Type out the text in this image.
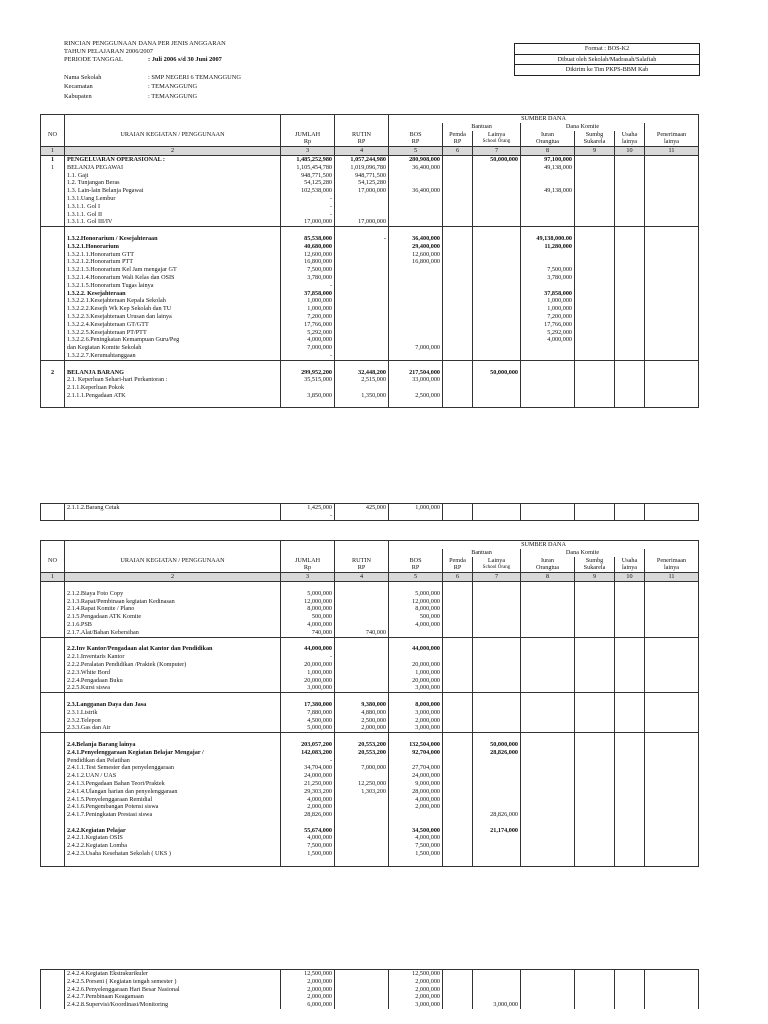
RINCIAN PENGGUNAAN DANA PER JENIS ANGGARAN
TAHUN PELAJARAN 2006/2007
PERIODE TANGGAL	: Juli 2006 s/d 30 Juni 2007
Nama Sekolah	: SMP NEGERI 6 TEMANGGUNG
Kecamatan	: TEMANGGUNG
Kabupaten	: TEMANGGUNG
Format : BOS-K2
Dibuat oleh Sekolah/Madrasah/Salafiah
Dikirim ke Tim PKPS-BBM Kab
				SUMBER DANA						
					Bantuan		Dana Komite			
NO	URAIAN KEGIATAN / PENGGUNAAN	JUMLAH	RUTIN	BOS	Pemda	Lainya	Iuran	Sumbg	Usaha	Penerimaan
		Rp	RP	RP	RP	School Orang	Orangtua	Sukarela	lainya	lainya
1	2	3	4	5	6	7	8	9	10	11
1	PENGELUARAN OPERASIONAL :	1,485,252,980	1,057,244,980	280,908,000		50,000,000	97,100,000			
1	BELANJA PEGAWAI	1,105,454,780	1,019,096,780	36,400,000			49,138,000			
	1.1. Gaji	948,771,500	948,771,500							
	1.2. Tunjangan Beras	54,125,280	54,125,280							
	1.3. Lain-lain Belanja Pegawai	102,538,000	17,000,000	36,400,000			49,138,000			
	1.3.1.Uang Lembur	-								
	1.3.1.1. Gol I	-								
	1.3.1.1. Gol II	-								
	1.3.1.1. Gol III/IV	17,000,000	17,000,000							

	1.3.2.Honorarium / Kesejahteraan	85,538,000	-	36,400,000			49,138,000.00			
	1.3.2.1.Honorarium	40,680,000		29,400,000			11,280,000			
	1.3.2.1.1.Honorarium GTT	12,600,000		12,600,000						
	1.3.2.1.2.Honorarium PTT	16,800,000		16,800,000						
	1.3.2.1.3.Honorarium Kel Jam mengajar GT	7,500,000					7,500,000			
	1.3.2.1.4.Honorarium Wali Kelas dan OSIS	3,780,000					3,780,000			
	1.3.2.1.5.Honorarium Tugas lainya	-								
	1.3.2.2. Kesejahteraan	37,858,000					37,858,000			
	1.3.2.2.1.Kesejahteraan Kepala Sekolah	1,000,000					1,000,000			
	1.3.2.2.2.Kesejh Wk Kep Sekolah dan TU	1,000,000					1,000,000			
	1.3.2.2.3.Kesejahteraan Urusan dan lainya	7,200,000					7,200,000			
	1.3.2.2.4.Kesejahteraan GT/GTT	17,766,000					17,766,000			
	1.3.2.2.5.Kesejahteraan PT/PTT	5,292,000					5,292,000			
	1.3.2.2.6.Peningkatan Kemampuan Guru/Peg	4,000,000					4,000,000			
	dan Kegiatan Komite Sekolah	7,000,000		7,000,000						
	1.3.2.2.7.Kerumahtanggaan	-								

2	BELANJA BARANG	299,952,200	32,448,200	217,504,000		50,000,000				
	2.1. Keperluan Sehari-hari Perkantoran :	35,515,000	2,515,000	33,000,000						
	2.1.1.Keperluan Pokok									
	2.1.1.1.Pengadaan ATK	3,850,000	1,350,000	2,500,000						

	2.1.1.2.Barang Cetak	1,425,000	425,000	1,000,000						
		-								
				SUMBER DANA						
					Bantuan		Dana Komite			
NO	URAIAN KEGIATAN / PENGGUNAAN	JUMLAH	RUTIN	BOS	Pemda	Lainya	Iuran	Sumbg	Usaha	Penerimaan
		Rp	RP	RP	RP	School Orang	Orangtua	Sukarela	lainya	lainya
1	2	3	4	5	6	7	8	9	10	11

	2.1.2.Biaya Foto Copy	5,000,000		5,000,000						
	2.1.3.Rapat/Pembinaan kegiatan Kedinasan	12,000,000		12,000,000						
	2.1.4.Rapat Komite / Plano	8,000,000		8,000,000						
	2.1.5.Pengadaan ATK Komite	500,000		500,000						
	2.1.6.PSB	4,000,000		4,000,000						
	2.1.7.Alat/Bahan Kebersihan	740,000	740,000							

	2.2.Inv Kantor/Pengadaan alat Kantor dan Pendidikan	44,000,000		44,000,000						
	2.2.1.Inventaris Kantor	-								
	2.2.2.Peralatan Pendidikan /Praktek (Komputer)	20,000,000		20,000,000						
	2.2.3.White Bord	1,000,000		1,000,000						
	2.2.4.Pengadaan Buku	20,000,000		20,000,000						
	2.2.5.Kursi siswa	3,000,000		3,000,000						

	2.3.Langganan Daya dan Jasa	17,380,000	9,380,000	8,000,000						
	2.3.1.Listrik	7,880,000	4,880,000	3,000,000						
	2.3.2.Telepon	4,500,000	2,500,000	2,000,000						
	2.3.3.Gas dan Air	5,000,000	2,000,000	3,000,000						

	2.4.Belanja Barang lainya	203,057,200	20,553,200	132,504,000		50,000,000				
	2.4.1.Penyelenggaraan Kegiatan Belajar Mengajar /	142,083,200	20,553,200	92,704,000		28,826,000				
	Pendidikan dan Pelatihan	-								
	2.4.1.1.Test Semester dan penyelenggaraan	34,704,000	7,000,000	27,704,000						
	2.4.1.2.UAN / UAS	24,000,000		24,000,000						
	2.4.1.3.Pengadaan Bahan Teori/Praktek	21,250,000	12,250,000	9,000,000						
	2.4.1.4.Ulangan harian dan penyelenggaraan	29,303,200	1,303,200	28,000,000						
	2.4.1.5.Penyelenggaraan Remidial	4,000,000		4,000,000						
	2.4.1.6.Pengembangan Potensi siswa	2,000,000		2,000,000						
	2.4.1.7.Peningkatan Prestasi siswa	28,826,000				28,826,000				

	2.4.2.Kegiatan Pelajar	55,674,000		34,500,000		21,174,000				
	2.4.2.1.Kegiatan OSIS	4,000,000		4,000,000						
	2.4.2.2.Kegiatan Lomba	7,500,000		7,500,000						
	2.4.2.3.Usaha Kesehatan Sekolah ( UKS )	1,500,000		1,500,000						

	2.4.2.4.Kegiatan Ekstrakurikuler	12,500,000		12,500,000						
	2.4.2.5.Porseni ( Kegiatan tengah semester )	2,000,000		2,000,000						
	2.4.2.6.Penyelenggaraan Hari Besar Nasional	2,000,000		2,000,000						
	2.4.2.7.Pembinaan Keagamaan	2,000,000		2,000,000						
	2.4.2.8.Supervisi/Koordinasi/Monitoring	6,000,000		3,000,000		3,000,000				
